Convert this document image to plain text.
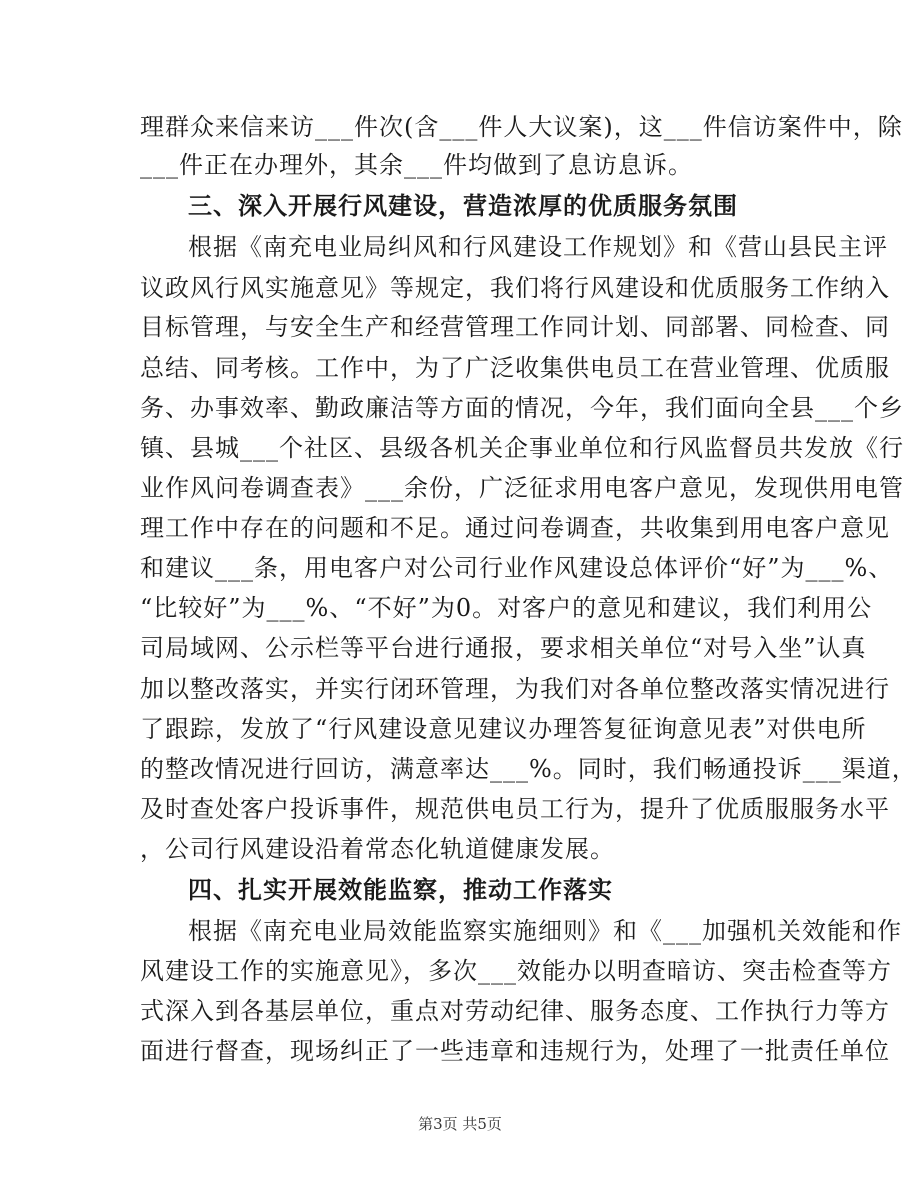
理群众来信来访___件次(含___件人大议案)，这___件信访案件中，除
___件正在办理外，其余___件均做到了息访息诉。
三、深入开展行风建设，营造浓厚的优质服务氛围
根据《南充电业局纠风和行风建设工作规划》和《营山县民主评
议政风行风实施意见》等规定，我们将行风建设和优质服务工作纳入
目标管理，与安全生产和经营管理工作同计划、同部署、同检查、同
总结、同考核。工作中，为了广泛收集供电员工在营业管理、优质服
务、办事效率、勤政廉洁等方面的情况，今年，我们面向全县___个乡
镇、县城___个社区、县级各机关企事业单位和行风监督员共发放《行
业作风问卷调查表》___余份，广泛征求用电客户意见，发现供用电管
理工作中存在的问题和不足。通过问卷调查，共收集到用电客户意见
和建议___条，用电客户对公司行业作风建设总体评价“好”为___%、
“比较好”为___%、“不好”为0。对客户的意见和建议，我们利用公
司局域网、公示栏等平台进行通报，要求相关单位“对号入坐”认真
加以整改落实，并实行闭环管理，为我们对各单位整改落实情况进行
了跟踪，发放了“行风建设意见建议办理答复征询意见表”对供电所
的整改情况进行回访，满意率达___%。同时，我们畅通投诉___渠道，
及时查处客户投诉事件，规范供电员工行为，提升了优质服服务水平
，公司行风建设沿着常态化轨道健康发展。
四、扎实开展效能监察，推动工作落实
根据《南充电业局效能监察实施细则》和《___加强机关效能和作
风建设工作的实施意见》，多次___效能办以明查暗访、突击检查等方
式深入到各基层单位，重点对劳动纪律、服务态度、工作执行力等方
面进行督查，现场纠正了一些违章和违规行为，处理了一批责任单位
第3页 共5页
